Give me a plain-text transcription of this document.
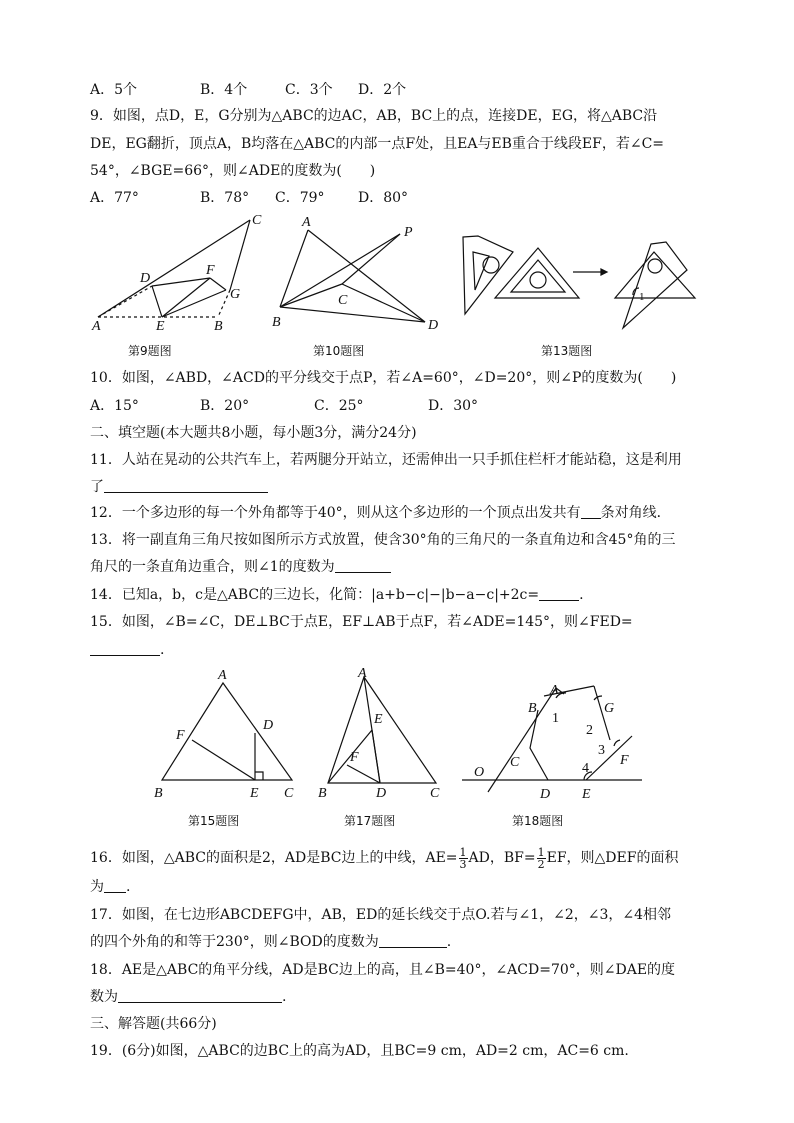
A．5个	B．4个	C．3个 D．2个
9．如图，点D，E，G分别为△ABC的边AC，AB，BC上的点，连接DE，EG，将△ABC沿
DE，EG翻折，顶点A，B均落在△ABC的内部一点F处，且EA与EB重合于线段EF，若∠C=
54°，∠BGE=66°，则∠ADE的度数为(　　)
A．77°	B．78° C．79° D．80°
C
D
F
G
A	E	B
第9题图
A
P
C
B	D
第10题图
1
第13题图
10．如图，∠ABD，∠ACD的平分线交于点P，若∠A=60°，∠D=20°，则∠P的度数为(　　)
A．15°	B．20°	C．25°	D．30°
二、填空题(本大题共8小题，每小题3分，满分24分)
11．人站在晃动的公共汽车上，若两腿分开站立，还需伸出一只手抓住栏杆才能站稳，这是利用
了
12．一个多边形的每一个外角都等于40°，则从这个多边形的一个顶点出发共有 条对角线．
13．将一副直角三角尺按如图所示方式放置，使含30°角的三角尺的一条直角边和含45°角的三
角尺的一条直角边重合，则∠1的度数为
14．已知a，b，c是△ABC的三边长，化简：|a+b−c|−|b−a−c|+2c=	.
15．如图，∠B=∠C，DE⊥BC于点E，EF⊥AB于点F，若∠ADE=145°，则∠FED=
.
A
D
F
B	E C
第15题图
A
E
F
B	D	C
第17题图
A
B
1
2
G
3
F
4
O
C
D E
第18题图
16．如图，△ABC的面积是2，AD是BC边上的中线，$AE= \frac{1}{3}$ AD，$BF= \frac{1}{2}$ EF，则△DEF的面积
为 .
17．如图，在七边形ABCDEFG中，AB，ED的延长线交于点O.若与∠1，∠2，∠3，∠4相邻
的四个外角的和等于230°，则∠BOD的度数为	.
18．AE是△ABC的角平分线，AD是BC边上的高，且∠B=40°，∠ACD=70°，则∠DAE的度
数为	.
三、解答题(共66分)
19．(6分)如图，△ABC的边BC上的高为AD，且BC=9 cm，AD=2 cm，AC=6 cm.
